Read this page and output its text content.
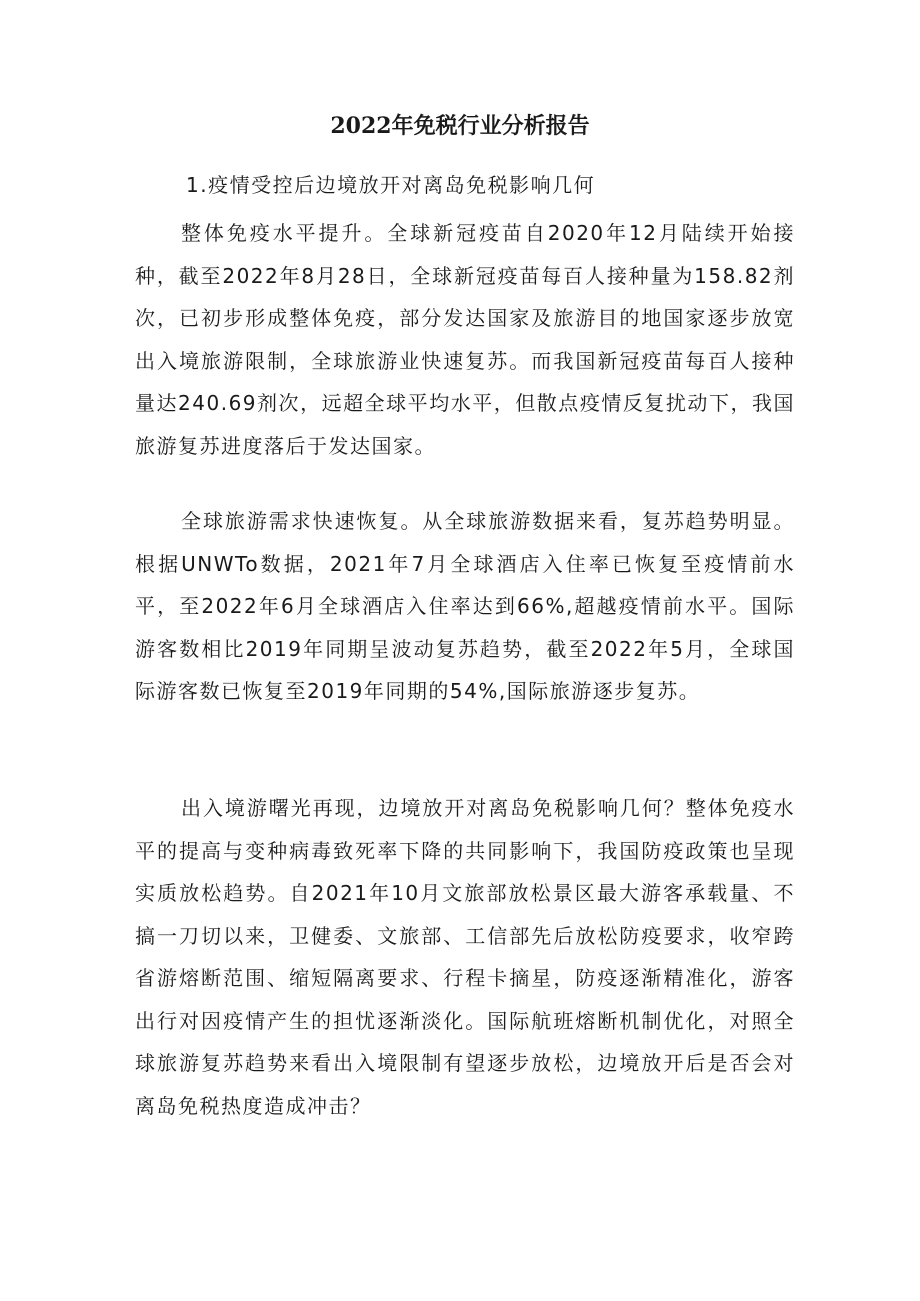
2022年免税行业分析报告

1.疫情受控后边境放开对离岛免税影响几何

整体免疫水平提升。全球新冠疫苗自2020年12月陆续开始接种，截至2022年8月28日，全球新冠疫苗每百人接种量为158.82剂次，已初步形成整体免疫，部分发达国家及旅游目的地国家逐步放宽出入境旅游限制，全球旅游业快速复苏。而我国新冠疫苗每百人接种量达240.69剂次，远超全球平均水平，但散点疫情反复扰动下，我国旅游复苏进度落后于发达国家。

全球旅游需求快速恢复。从全球旅游数据来看，复苏趋势明显。根据UNWTo数据，2021年7月全球酒店入住率已恢复至疫情前水平，至2022年6月全球酒店入住率达到66%,超越疫情前水平。国际游客数相比2019年同期呈波动复苏趋势，截至2022年5月，全球国际游客数已恢复至2019年同期的54%,国际旅游逐步复苏。

出入境游曙光再现，边境放开对离岛免税影响几何？整体免疫水平的提高与变种病毒致死率下降的共同影响下，我国防疫政策也呈现实质放松趋势。自2021年10月文旅部放松景区最大游客承载量、不搞一刀切以来，卫健委、文旅部、工信部先后放松防疫要求，收窄跨省游熔断范围、缩短隔离要求、行程卡摘星，防疫逐渐精准化，游客出行对因疫情产生的担忧逐渐淡化。国际航班熔断机制优化，对照全球旅游复苏趋势来看出入境限制有望逐步放松，边境放开后是否会对离岛免税热度造成冲击？
